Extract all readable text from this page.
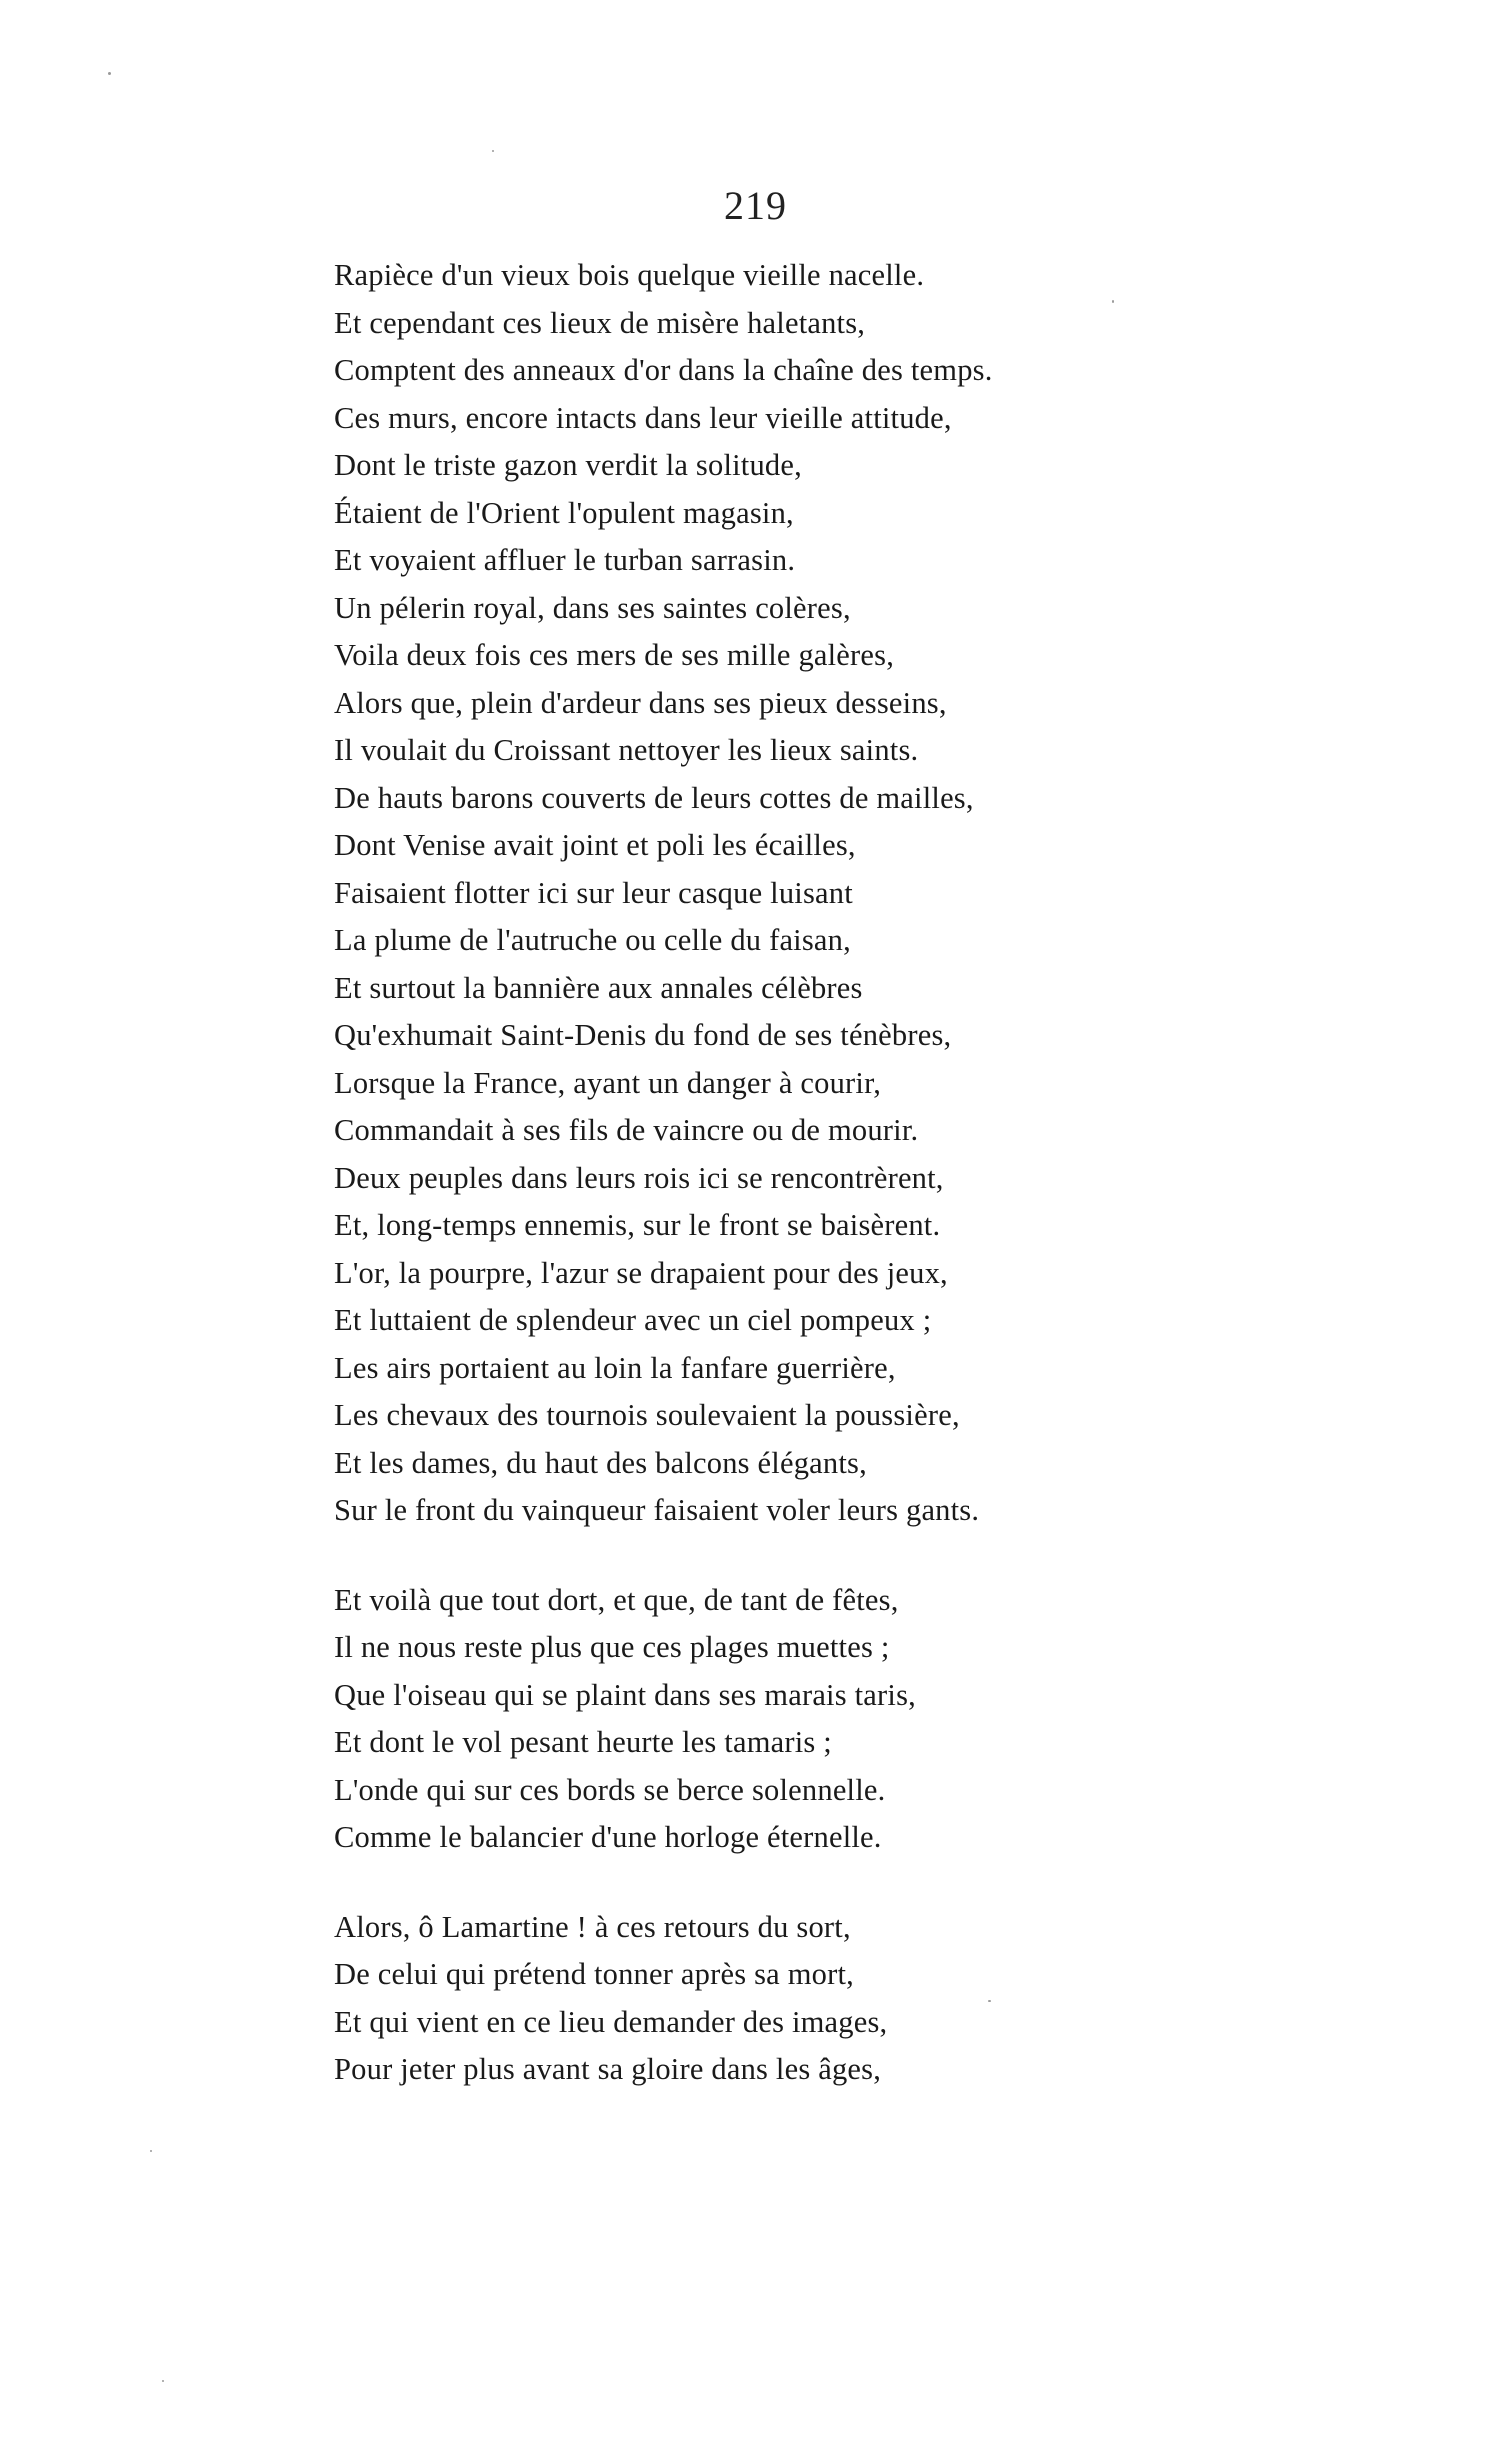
219
Rapièce d'un vieux bois quelque vieille nacelle.
Et cependant ces lieux de misère haletants,
Comptent des anneaux d'or dans la chaîne des temps.
Ces murs, encore intacts dans leur vieille attitude,
Dont le triste gazon verdit la solitude,
Étaient de l'Orient l'opulent magasin,
Et voyaient affluer le turban sarrasin.
Un pélerin royal, dans ses saintes colères,
Voila deux fois ces mers de ses mille galères,
Alors que, plein d'ardeur dans ses pieux desseins,
Il voulait du Croissant nettoyer les lieux saints.
De hauts barons couverts de leurs cottes de mailles,
Dont Venise avait joint et poli les écailles,
Faisaient flotter ici sur leur casque luisant
La plume de l'autruche ou celle du faisan,
Et surtout la bannière aux annales célèbres
Qu'exhumait Saint-Denis du fond de ses ténèbres,
Lorsque la France, ayant un danger à courir,
Commandait à ses fils de vaincre ou de mourir.
Deux peuples dans leurs rois ici se rencontrèrent,
Et, long-temps ennemis, sur le front se baisèrent.
L'or, la pourpre, l'azur se drapaient pour des jeux,
Et luttaient de splendeur avec un ciel pompeux ;
Les airs portaient au loin la fanfare guerrière,
Les chevaux des tournois soulevaient la poussière,
Et les dames, du haut des balcons élégants,
Sur le front du vainqueur faisaient voler leurs gants.
Et voilà que tout dort, et que, de tant de fêtes,
Il ne nous reste plus que ces plages muettes ;
Que l'oiseau qui se plaint dans ses marais taris,
Et dont le vol pesant heurte les tamaris ;
L'onde qui sur ces bords se berce solennelle.
Comme le balancier d'une horloge éternelle.
Alors, ô Lamartine ! à ces retours du sort,
De celui qui prétend tonner après sa mort,
Et qui vient en ce lieu demander des images,
Pour jeter plus avant sa gloire dans les âges,
